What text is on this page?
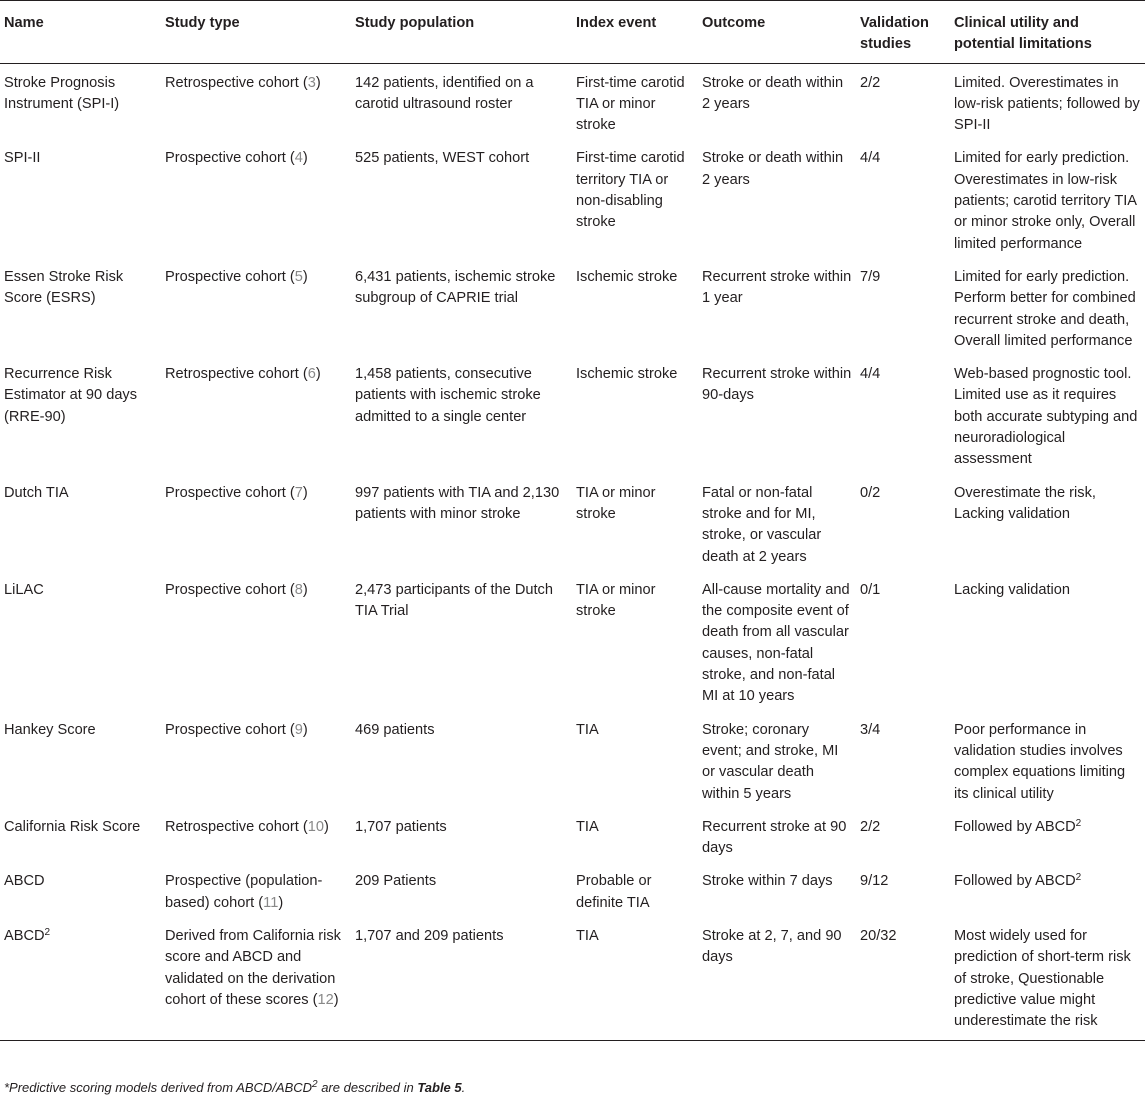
Name	Study type	Study population	Index event	Outcome	Validation studies	Clinical utility and potential limitations
Stroke Prognosis Instrument (SPI-I)	Retrospective cohort (3)	142 patients, identified on a carotid ultrasound roster	First-time carotid TIA or minor stroke	Stroke or death within 2 years	2/2	Limited. Overestimates in low-risk patients; followed by SPI-II
SPI-II	Prospective cohort (4)	525 patients, WEST cohort	First-time carotid territory TIA or non-disabling stroke	Stroke or death within 2 years	4/4	Limited for early prediction. Overestimates in low-risk patients; carotid territory TIA or minor stroke only, Overall limited performance
Essen Stroke Risk Score (ESRS)	Prospective cohort (5)	6,431 patients, ischemic stroke subgroup of CAPRIE trial	Ischemic stroke	Recurrent stroke within 1 year	7/9	Limited for early prediction. Perform better for combined recurrent stroke and death, Overall limited performance
Recurrence Risk Estimator at 90 days (RRE-90)	Retrospective cohort (6)	1,458 patients, consecutive patients with ischemic stroke admitted to a single center	Ischemic stroke	Recurrent stroke within 90-days	4/4	Web-based prognostic tool. Limited use as it requires both accurate subtyping and neuroradiological assessment
Dutch TIA	Prospective cohort (7)	997 patients with TIA and 2,130 patients with minor stroke	TIA or minor stroke	Fatal or non-fatal stroke and for MI, stroke, or vascular death at 2 years	0/2	Overestimate the risk, Lacking validation
LiLAC	Prospective cohort (8)	2,473 participants of the Dutch TIA Trial	TIA or minor stroke	All-cause mortality and the composite event of death from all vascular causes, non-fatal stroke, and non-fatal MI at 10 years	0/1	Lacking validation
Hankey Score	Prospective cohort (9)	469 patients	TIA	Stroke; coronary event; and stroke, MI or vascular death within 5 years	3/4	Poor performance in validation studies involves complex equations limiting its clinical utility
California Risk Score	Retrospective cohort (10)	1,707 patients	TIA	Recurrent stroke at 90 days	2/2	Followed by ABCD$^2$
ABCD	Prospective (population-based) cohort (11)	209 Patients	Probable or definite TIA	Stroke within 7 days	9/12	Followed by ABCD$^2$
ABCD$^2$	Derived from California risk score and ABCD and validated on the derivation cohort of these scores (12)	1,707 and 209 patients	TIA	Stroke at 2, 7, and 90 days	20/32	Most widely used for prediction of short-term risk of stroke, Questionable predictive value might underestimate the risk
*Predictive scoring models derived from ABCD/ABCD$^2$ are described in Table 5.
